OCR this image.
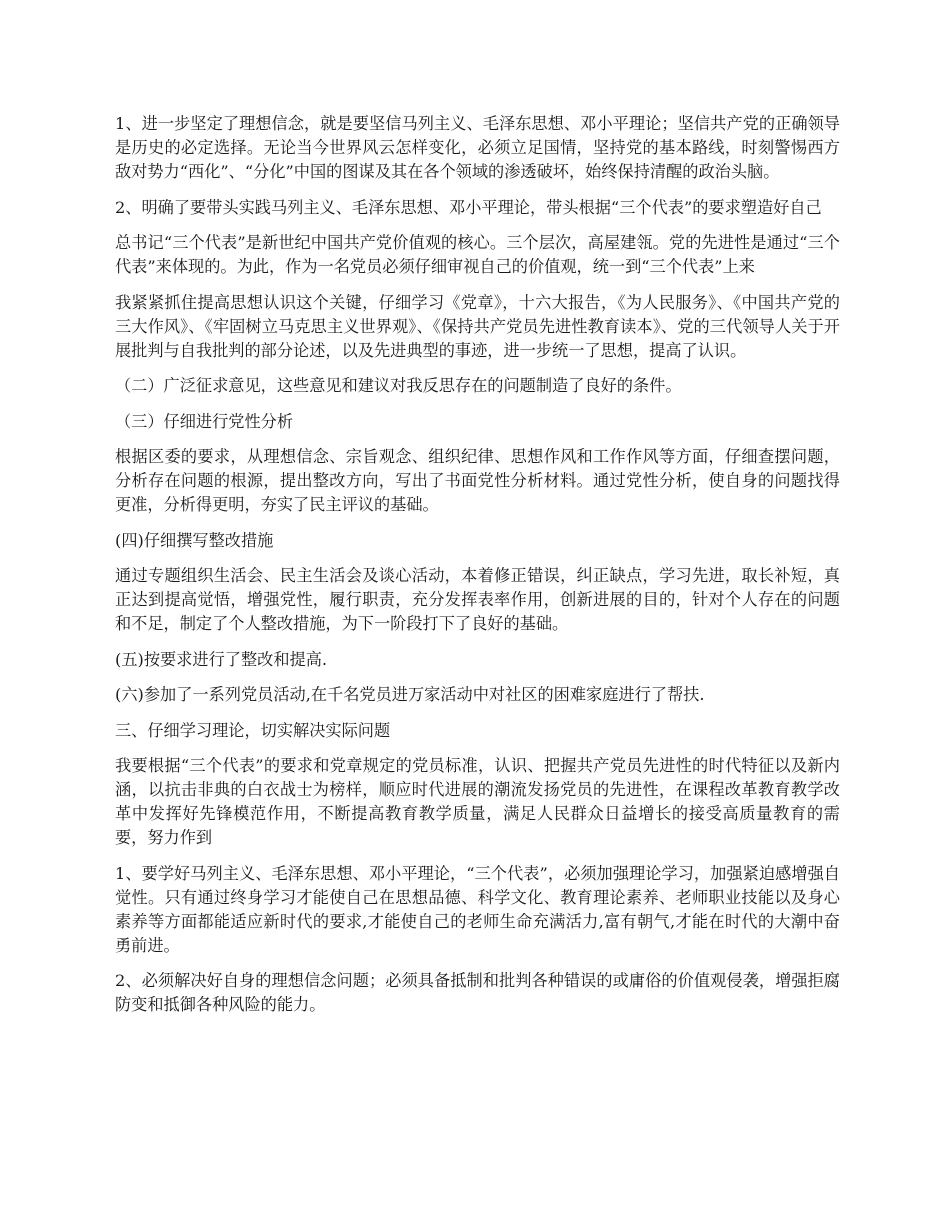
1、进一步坚定了理想信念，就是要坚信马列主义、毛泽东思想、邓小平理论；坚信共产党的正确领导是历史的必定选择。无论当今世界风云怎样变化，必须立足国情，坚持党的基本路线，时刻警惕西方敌对势力“西化”、“分化”中国的图谋及其在各个领域的渗透破坏，始终保持清醒的政治头脑。

2、明确了要带头实践马列主义、毛泽东思想、邓小平理论，带头根据“三个代表”的要求塑造好自己

总书记“三个代表”是新世纪中国共产党价值观的核心。三个层次，高屋建瓴。党的先进性是通过“三个代表”来体现的。为此，作为一名党员必须仔细审视自己的价值观，统一到“三个代表”上来

我紧紧抓住提高思想认识这个关键，仔细学习《党章》，十六大报告，《为人民服务》、《中国共产党的三大作风》、《牢固树立马克思主义世界观》、《保持共产党员先进性教育读本》、党的三代领导人关于开展批判与自我批判的部分论述，以及先进典型的事迹，进一步统一了思想，提高了认识。

（二）广泛征求意见，这些意见和建议对我反思存在的问题制造了良好的条件。

（三）仔细进行党性分析

根据区委的要求，从理想信念、宗旨观念、组织纪律、思想作风和工作作风等方面，仔细查摆问题，分析存在问题的根源，提出整改方向，写出了书面党性分析材料。通过党性分析，使自身的问题找得更准，分析得更明，夯实了民主评议的基础。

(四)仔细撰写整改措施

通过专题组织生活会、民主生活会及谈心活动，本着修正错误，纠正缺点，学习先进，取长补短，真正达到提高觉悟，增强党性，履行职责，充分发挥表率作用，创新进展的目的，针对个人存在的问题和不足，制定了个人整改措施，为下一阶段打下了良好的基础。

(五)按要求进行了整改和提高.

(六)参加了一系列党员活动,在千名党员进万家活动中对社区的困难家庭进行了帮扶.

三、仔细学习理论，切实解决实际问题

我要根据“三个代表”的要求和党章规定的党员标准，认识、把握共产党员先进性的时代特征以及新内涵，以抗击非典的白衣战士为榜样，顺应时代进展的潮流发扬党员的先进性，在课程改革教育教学改革中发挥好先锋模范作用，不断提高教育教学质量，满足人民群众日益增长的接受高质量教育的需要，努力作到

1、要学好马列主义、毛泽东思想、邓小平理论，“三个代表”，必须加强理论学习，加强紧迫感增强自觉性。只有通过终身学习才能使自己在思想品德、科学文化、教育理论素养、老师职业技能以及身心素养等方面都能适应新时代的要求,才能使自己的老师生命充满活力,富有朝气,才能在时代的大潮中奋勇前进。

2、必须解决好自身的理想信念问题；必须具备抵制和批判各种错误的或庸俗的价值观侵袭，增强拒腐防变和抵御各种风险的能力。
